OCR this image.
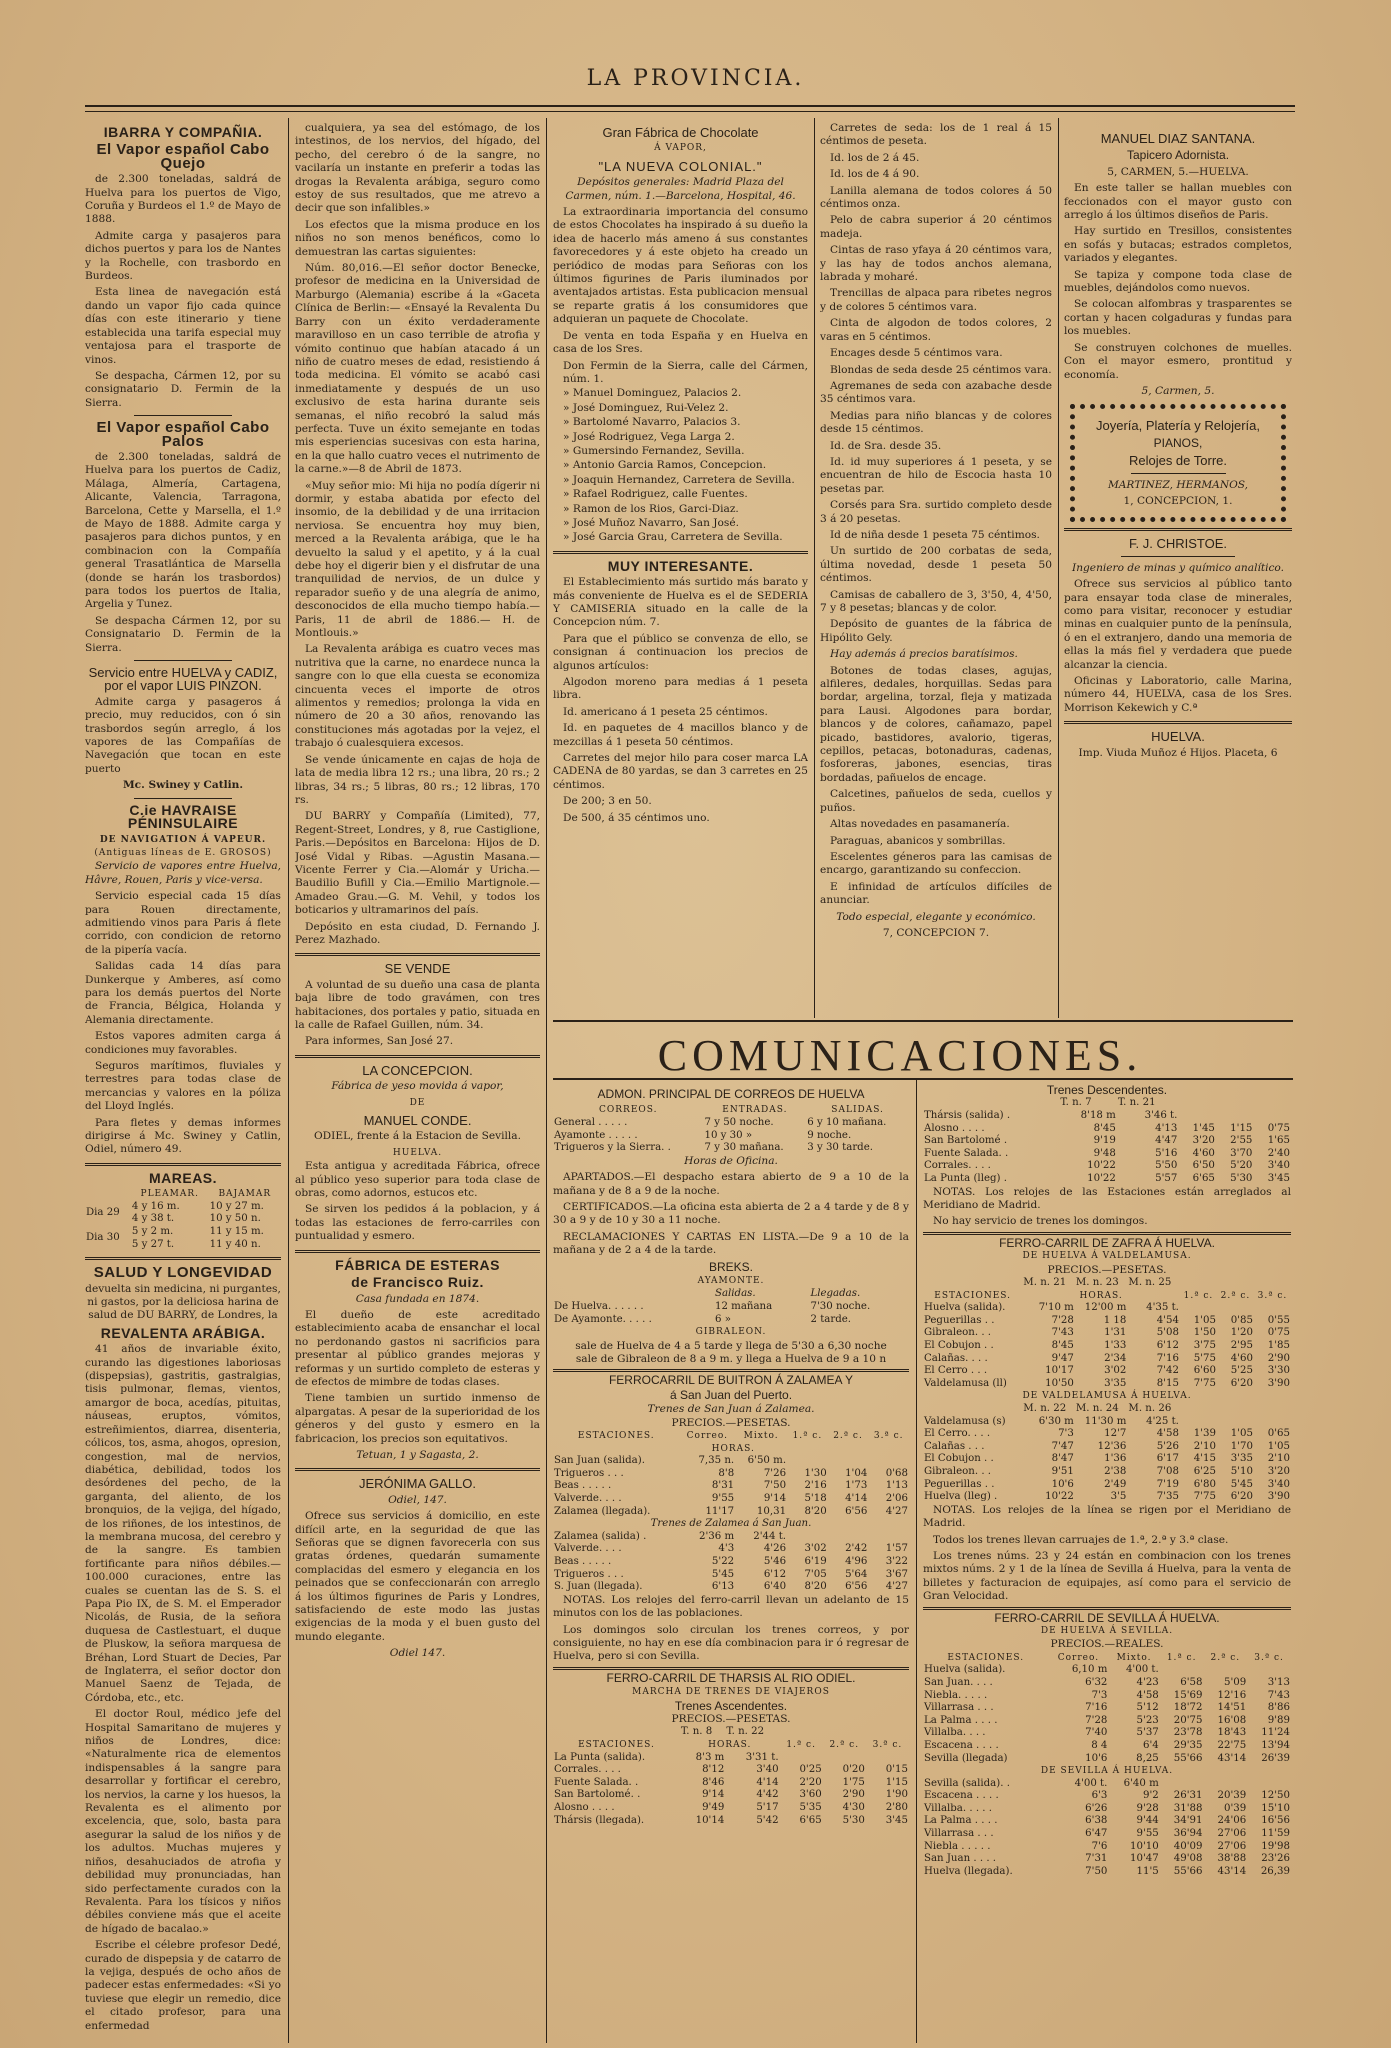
LA PROVINCIA.
IBARRA Y COMPAÑIA.
El Vapor español Cabo Quejo

de 2.300 toneladas, saldrá de Huelva para los puertos de Vigo, Coruña y Burdeos el 1.º de Mayo de 1888.

Admite carga y pasajeros para dichos puertos y para los de Nantes y la Rochelle, con trasbordo en Burdeos.

Esta linea de navegación está dando un vapor fijo cada quince días con este itinerario y tiene establecida una tarifa especial muy ventajosa para el trasporte de vinos.

Se despacha, Cármen 12, por su consignatario D. Fermin de la Sierra.

El Vapor español Cabo Palos

de 2.300 toneladas, saldrá de Huelva para los puertos de Cadiz, Málaga, Almería, Cartagena, Alicante, Valencia, Tarragona, Barcelona, Cette y Marsella, el 1.º de Mayo de 1888. Admite carga y pasajeros para dichos puntos, y en combinacion con la Compañía general Trasatlántica de Marsella (donde se harán los trasbordos) para todos los puertos de Italia, Argelia y Tunez.

Se despacha Cármen 12, por su Consignatario D. Fermin de la Sierra.

Servicio entre HUELVA y CADIZ, por el vapor LUIS PINZON.

Admite carga y pasageros á precio, muy reducidos, con ó sin trasbordos según arreglo, á los vapores de las Compañías de Navegación que tocan en este puerto

Mc. Swiney y Catlin.

C.ie HAVRAISE PÉNINSULAIRE
DE NAVIGATION Á VAPEUR.
(Antiguas líneas de E. GROSOS)

Servicio de vapores entre Huelva, Hâvre, Rouen, Paris y vice-versa.

Servicio especial cada 15 días para Rouen directamente, admitiendo vinos para Paris á flete corrido, con condicion de retorno de la pipería vacía.

Salidas cada 14 días para Dunkerque y Amberes, así como para los demás puertos del Norte de Francia, Bélgica, Holanda y Alemania directamente.

Estos vapores admiten carga á condiciones muy favorables.

Seguros marítimos, fluviales y terrestres para todas clase de mercancias y valores en la póliza del Lloyd Inglés.

Para fletes y demas informes dirigirse á Mc. Swiney y Catlin, Odiel, número 49.

MAREAS.
	PLEAMAR.	BAJAMAR
Dia 29	4 y 16 m.	10 y 27 m.
	4 y 38 t.	10 y 50 n.
Dia 30	5 y 2 m.	11 y 15 m.
	5 y 27 t.	11 y 40 n.
SALUD Y LONGEVIDAD

devuelta sin medicina, ni purgantes, ni gastos, por la deliciosa harina de salud de DU BARRY, de Londres, la

REVALENTA ARÁBIGA.

41 años de invariable éxito, curando las digestiones laboriosas (dispepsias), gastritis, gastralgias, tisis pulmonar, flemas, vientos, amargor de boca, acedías, pituitas, náuseas, eruptos, vómitos, estreñimientos, diarrea, disenteria, cólicos, tos, asma, ahogos, opresion, congestion, mal de nervios, diabética, debilidad, todos los desórdenes del pecho, de la garganta, del aliento, de los bronquios, de la vejiga, del hígado, de los riñones, de los intestinos, de la membrana mucosa, del cerebro y de la sangre. Es tambien fortificante para niños débiles.—100.000 curaciones, entre las cuales se cuentan las de S. S. el Papa Pio IX, de S. M. el Emperador Nicolás, de Rusia, de la señora duquesa de Castlestuart, el duque de Pluskow, la señora marquesa de Bréhan, Lord Stuart de Decies, Par de Inglaterra, el señor doctor don Manuel Saenz de Tejada, de Córdoba, etc., etc.

El doctor Roul, médico jefe del Hospital Samaritano de mujeres y niños de Londres, dice: «Naturalmente rica de elementos indispensables á la sangre para desarrollar y fortificar el cerebro, los nervios, la carne y los huesos, la Revalenta es el alimento por excelencia, que, solo, basta para asegurar la salud de los niños y de los adultos. Muchas mujeres y niños, desahuciados de atrofia y debilidad muy pronunciadas, han sido perfectamente curados con la Revalenta. Para los tísicos y niños débiles conviene más que el aceite de hígado de bacalao.»

Escribe el célebre profesor Dedé, curado de dispepsia y de catarro de la vejiga, después de ocho años de padecer estas enfermedades: «Si yo tuviese que elegir un remedio, dice el citado profesor, para una enfermedad

cualquiera, ya sea del estómago, de los intestinos, de los nervios, del hígado, del pecho, del cerebro ó de la sangre, no vacilaría un instante en preferir a todas las drogas la Revalenta arábiga, seguro como estoy de sus resultados, que me atrevo a decir que son infalibles.»

Los efectos que la misma produce en los niños no son menos benéficos, como lo demuestran las cartas siguientes:

Núm. 80,016.—El señor doctor Benecke, profesor de medicina en la Universidad de Marburgo (Alemania) escribe á la «Gaceta Clínica de Berlin:— «Ensayé la Revalenta Du Barry con un éxito verdaderamente maravilloso en un caso terrible de atrofia y vómito continuo que habían atacado á un niño de cuatro meses de edad, resistiendo á toda medicina. El vómito se acabó casi inmediatamente y después de un uso exclusivo de esta harina durante seis semanas, el niño recobró la salud más perfecta. Tuve un éxito semejante en todas mis esperiencias sucesivas con esta harina, en la que hallo cuatro veces el nutrimento de la carne.»—8 de Abril de 1873.

«Muy señor mio: Mi hija no podía dígerir ni dormir, y estaba abatida por efecto del insomio, de la debilidad y de una irritacion nerviosa. Se encuentra hoy muy bien, merced a la Revalenta arábiga, que le ha devuelto la salud y el apetito, y á la cual debe hoy el digerir bien y el disfrutar de una tranquilidad de nervios, de un dulce y reparador sueño y de una alegría de animo, desconocidos de ella mucho tiempo había.—Paris, 11 de abril de 1886.— H. de Montlouis.»

La Revalenta arábiga es cuatro veces mas nutritiva que la carne, no enardece nunca la sangre con lo que ella cuesta se economiza cincuenta veces el importe de otros alimentos y remedios; prolonga la vida en número de 20 a 30 años, renovando las constituciones más agotadas por la vejez, el trabajo ó cualesquiera excesos.

Se vende únicamente en cajas de hoja de lata de media libra 12 rs.; una libra, 20 rs.; 2 libras, 34 rs.; 5 libras, 80 rs.; 12 libras, 170 rs.

DU BARRY y Compañía (Limited), 77, Regent-Street, Londres, y 8, rue Castiglione, Paris.—Depósitos en Barcelona: Hijos de D. José Vidal y Ribas. —Agustin Masana.—Vicente Ferrer y Cia.—Alomár y Uricha.—Baudilio Bufill y Cia.—Emilio Martignole.—Amadeo Grau.—G. M. Vehil, y todos los boticarios y ultramarinos del país.

Depósito en esta ciudad, D. Fernando J. Perez Mazhado.

SE VENDE

A voluntad de su dueño una casa de planta baja libre de todo gravámen, con tres habitaciones, dos portales y patio, situada en la calle de Rafael Guillen, núm. 34.

Para informes, San José 27.

LA CONCEPCION.

Fábrica de yeso movida á vapor,

DE
MANUEL CONDE.

ODIEL, frente á la Estacion de Sevilla.

HUELVA.

Esta antigua y acreditada Fábrica, ofrece al público yeso superior para toda clase de obras, como adornos, estucos etc.

Se sirven los pedidos á la poblacion, y á todas las estaciones de ferro-carriles con puntualidad y esmero.

FÁBRICA DE ESTERAS
de Francisco Ruiz.

Casa fundada en 1874.

El dueño de este acreditado establecimiento acaba de ensanchar el local no perdonando gastos ni sacrificios para presentar al público grandes mejoras y reformas y un surtido completo de esteras y de efectos de mimbre de todas clases.

Tiene tambien un surtido inmenso de alpargatas. A pesar de la superioridad de los géneros y del gusto y esmero en la fabricacion, los precios son equitativos.

Tetuan, 1 y Sagasta, 2.

JERÓNIMA GALLO.

Odiel, 147.

Ofrece sus servicios á domicilio, en este difícil arte, en la seguridad de que las Señoras que se dignen favorecerla con sus gratas órdenes, quedarán sumamente complacidas del esmero y elegancia en los peinados que se confeccionarán con arreglo á los últimos figurines de Paris y Londres, satisfaciendo de este modo las justas exigencias de la moda y el buen gusto del mundo elegante.

Odiel 147.

Gran Fábrica de Chocolate
Á VAPOR,
"LA NUEVA COLONIAL."

Depósitos generales: Madrid Plaza del Carmen, núm. 1.—Barcelona, Hospital, 46.

La extraordinaria importancia del consumo de estos Chocolates ha inspirado á su dueño la idea de hacerlo más ameno á sus constantes favorecedores y á este objeto ha creado un periódico de modas para Señoras con los últimos figurines de Paris iluminados por aventajados artistas. Esta publicacion mensual se reparte gratis á los consumidores que adquieran un paquete de Chocolate.

De venta en toda España y en Huelva en casa de los Sres.

Don Fermin de la Sierra, calle del Cármen, núm. 1.

» Manuel Dominguez, Palacios 2.

» José Dominguez, Rui-Velez 2.

» Bartolomé Navarro, Palacios 3.

» José Rodriguez, Vega Larga 2.

» Gumersindo Fernandez, Sevilla.

» Antonio Garcia Ramos, Concepcion.

» Joaquin Hernandez, Carretera de Sevilla.

» Rafael Rodriguez, calle Fuentes.

» Ramon de los Rios, Garci-Diaz.

» José Muñoz Navarro, San José.

» José Garcia Grau, Carretera de Sevilla.

MUY INTERESANTE.

El Establecimiento más surtido más barato y más conveniente de Huelva es el de SEDERIA Y CAMISERIA situado en la calle de la Concepcion núm. 7.

Para que el público se convenza de ello, se consignan á continuacion los precios de algunos artículos:

Algodon moreno para medias á 1 peseta libra.

Id. americano á 1 peseta 25 céntimos.

Id. en paquetes de 4 macillos blanco y de mezcillas á 1 peseta 50 céntimos.

Carretes del mejor hilo para coser marca LA CADENA de 80 yardas, se dan 3 carretes en 25 céntimos.

De 200; 3 en 50.

De 500, á 35 céntimos uno.

Carretes de seda: los de 1 real á 15 céntimos de peseta.

Id. los de 2 á 45.

Id. los de 4 á 90.

Lanilla alemana de todos colores á 50 céntimos onza.

Pelo de cabra superior á 20 céntimos madeja.

Cintas de raso yfaya á 20 céntimos vara, y las hay de todos anchos alemana, labrada y moharé.

Trencillas de alpaca para ribetes negros y de colores 5 céntimos vara.

Cinta de algodon de todos colores, 2 varas en 5 céntimos.

Encages desde 5 céntimos vara.

Blondas de seda desde 25 céntimos vara.

Agremanes de seda con azabache desde 35 céntimos vara.

Medias para niño blancas y de colores desde 15 céntimos.

Id. de Sra. desde 35.

Id. id muy superiores á 1 peseta, y se encuentran de hilo de Escocia hasta 10 pesetas par.

Corsés para Sra. surtido completo desde 3 á 20 pesetas.

Id de niña desde 1 peseta 75 céntimos.

Un surtido de 200 corbatas de seda, última novedad, desde 1 peseta 50 céntimos.

Camisas de caballero de 3, 3'50, 4, 4'50, 7 y 8 pesetas; blancas y de color.

Depósito de guantes de la fábrica de Hipólito Gely.

Hay además á precios baratísimos.

Botones de todas clases, agujas, alfileres, dedales, horquillas. Sedas para bordar, argelina, torzal, fleja y matizada para Lausi. Algodones para bordar, blancos y de colores, cañamazo, papel picado, bastidores, avalorio, tigeras, cepillos, petacas, botonaduras, cadenas, fosforeras, jabones, esencias, tiras bordadas, pañuelos de encage.

Calcetines, pañuelos de seda, cuellos y puños.

Altas novedades en pasamanería.

Paraguas, abanicos y sombrillas.

Escelentes géneros para las camisas de encargo, garantizando su confeccion.

E infinidad de artículos difíciles de anunciar.

Todo especial, elegante y económico.

7, CONCEPCION 7.

MANUEL DIAZ SANTANA.
Tapicero Adornista.

5, CARMEN, 5.—HUELVA.

En este taller se hallan muebles con feccionados con el mayor gusto con arreglo á los últimos diseños de Paris.

Hay surtido en Tresillos, consistentes en sofás y butacas; estrados completos, variados y elegantes.

Se tapiza y compone toda clase de muebles, dejándolos como nuevos.

Se colocan alfombras y trasparentes se cortan y hacen colgaduras y fundas para los muebles.

Se construyen colchones de muelles. Con el mayor esmero, prontitud y economía.

5, Carmen, 5.

Joyería, Platería y Relojería,
PIANOS,
Relojes de Torre.

MARTINEZ, HERMANOS,

1, CONCEPCION, 1.

F. J. CHRISTOE.

Ingeniero de minas y químico analítico.

Ofrece sus servicios al público tanto para ensayar toda clase de minerales, como para visitar, reconocer y estudiar minas en cualquier punto de la península, ó en el extranjero, dando una memoria de ellas la más fiel y verdadera que puede alcanzar la ciencia.

Oficinas y Laboratorio, calle Marina, número 44, HUELVA, casa de los Sres. Morrison Kekewich y C.ª

HUELVA.

Imp. Viuda Muñoz é Hijos. Placeta, 6

COMUNICACIONES.
ADMON. PRINCIPAL DE CORREOS DE HUELVA
CORREOS.	ENTRADAS.	SALIDAS.
General . . . . .	7 y 50 noche.	6 y 10 mañana.
Ayamonte . . . . .	10 y 30 »	9 noche.
Trigueros y la Sierra. .	7 y 30 mañana.	3 y 30 tarde.

Horas de Oficina.

APARTADOS.—El despacho estara abierto de 9 a 10 de la mañana y de 8 a 9 de la noche.

CERTIFICADOS.—La oficina esta abierta de 2 a 4 tarde y de 8 y 30 a 9 y de 10 y 30 a 11 noche.

RECLAMACIONES Y CARTAS EN LISTA.—De 9 a 10 de la mañana y de 2 a 4 de la tarde.

BREKS.
AYAMONTE.
	Salidas.	Llegadas.
De Huelva. . . . . .	12 mañana	7'30 noche.
De Ayamonte. . . . .	6 »	2 tarde.
GIBRALEON.

sale de Huelva de 4 a 5 tarde y llega de 5'30 a 6,30 noche

sale de Gibraleon de 8 a 9 m. y llega a Huelva de 9 a 10 n

FERROCARRIL DE BUITRON Á ZALAMEA Y
á San Juan del Puerto.

Trenes de San Juan á Zalamea.

PRECIOS.—PESETAS.

ESTACIONES.	Correo.	Mixto.	1.ª c.	2.ª c.	3.ª c.
	HORAS.				
San Juan (salida).	7,35 n.	6'50 m.			
Trigueros . . .	8'8	7'26	1'30	1'04	0'68
Beas . . . . .	8'31	7'50	2'16	1'73	1'13
Valverde. . . .	9'55	9'14	5'18	4'14	2'06
Zalamea (llegada).	11'17	10,31	8'20	6'56	4'27
Trenes de Zalamea á San Juan.					
Zalamea (salida) .	2'36 m	2'44 t.			
Valverde. . . .	4'3	4'26	3'02	2'42	1'57
Beas . . . . .	5'22	5'46	6'19	4'96	3'22
Trigueros . . .	5'45	6'12	7'05	5'64	3'67
S. Juan (llegada).	6'13	6'40	8'20	6'56	4'27

NOTAS. Los relojes del ferro-carril llevan un adelanto de 15 minutos con los de las poblaciones.

Los domingos solo circulan los trenes correos, y por consiguiente, no hay en ese día combinacion para ir ó regresar de Huelva, pero si con Sevilla.

FERRO-CARRIL DE THARSIS AL RIO ODIEL.
MARCHA DE TRENES DE VIAJEROS
Trenes Ascendentes.

PRECIOS.—PESETAS.

	T. n. 8	T. n. 22			
ESTACIONES.	HORAS.		1.ª c.	2.ª c.	3.ª c.
La Punta (salida).	8'3 m	3'31 t.			
Corrales. . . .	8'12	3'40	0'25	0'20	0'15
Fuente Salada. .	8'46	4'14	2'20	1'75	1'15
San Bartolomé. .	9'14	4'42	3'60	2'90	1'90
Alosno . . . .	9'49	5'17	5'35	4'30	2'80
Thársis (llegada).	10'14	5'42	6'65	5'30	3'45
Trenes Descendentes.
	T. n. 7	T. n. 21			
Thársis (salida) .	8'18 m	3'46 t.			
Alosno . . . .	8'45	4'13	1'45	1'15	0'75
San Bartolomé .	9'19	4'47	3'20	2'55	1'65
Fuente Salada. .	9'48	5'16	4'60	3'70	2'40
Corrales. . . .	10'22	5'50	6'50	5'20	3'40
La Punta (lleg) .	10'22	5'57	6'65	5'30	3'45

NOTAS. Los relojes de las Estaciones están arreglados al Meridiano de Madrid.

No hay servicio de trenes los domingos.

FERRO-CARRIL DE ZAFRA Á HUELVA.
DE HUELVA Á VALDELAMUSA.

PRECIOS.—PESETAS.

	M. n. 21	M. n. 23	M. n. 25			
ESTACIONES.	HORAS.			1.ª c.	2.ª c.	3.ª c.
Huelva (salida).	7'10 m	12'00 m	4'35 t.			
Peguerillas . .	7'28	1 18	4'54	1'05	0'85	0'55
Gibraleon. . .	7'43	1'31	5'08	1'50	1'20	0'75
El Cobujon . .	8'45	1'33	6'12	3'75	2'95	1'85
Calañas. . . .	9'47	2'34	7'16	5'75	4'60	2'90
El Cerro . . .	10'17	3'02	7'42	6'60	5'25	3'30
Valdelamusa (ll)	10'50	3'35	8'15	7'75	6'20	3'90
DE VALDELAMUSA Á HUELVA.						
	M. n. 22	M. n. 24	M. n. 26			
Valdelamusa (s)	6'30 m	11'30 m	4'25 t.			
El Cerro. . . .	7'3	12'7	4'58	1'39	1'05	0'65
Calañas . . .	7'47	12'36	5'26	2'10	1'70	1'05
El Cobujon . .	8'47	1'36	6'17	4'15	3'35	2'10
Gibraleon. . .	9'51	2'38	7'08	6'25	5'10	3'20
Peguerillas . .	10'6	2'49	7'19	6'80	5'45	3'40
Huelva (lleg) .	10'22	3'5	7'35	7'75	6'20	3'90

NOTAS. Los relojes de la línea se rigen por el Meridiano de Madrid.

Todos los trenes llevan carruajes de 1.ª, 2.ª y 3.ª clase.

Los trenes núms. 23 y 24 están en combinacion con los trenes mixtos núms. 2 y 1 de la línea de Sevilla á Huelva, para la venta de billetes y facturacion de equipajes, así como para el servicio de Gran Velocidad.

FERRO-CARRIL DE SEVILLA Á HUELVA.
DE HUELVA Á SEVILLA.

PRECIOS.—REALES.

ESTACIONES.	Correo.	Mixto.	1.ª c.	2.ª c.	3.ª c.
Huelva (salida).	6,10 m	4'00 t.			
San Juan. . . .	6'32	4'23	6'58	5'09	3'13
Niebla. . . . .	7'3	4'58	15'69	12'16	7'43
Villarrasa . . .	7'16	5'12	18'72	14'51	8'86
La Palma . . . .	7'28	5'23	20'75	16'08	9'89
Villalba. . . .	7'40	5'37	23'78	18'43	11'24
Escacena . . . .	8 4	6'4	29'35	22'75	13'94
Sevilla (llegada)	10'6	8,25	55'66	43'14	26'39
DE SEVILLA Á HUELVA.					
Sevilla (salida). .	4'00 t.	6'40 m			
Escacena . . . .	6'3	9'2	26'31	20'39	12'50
Villalba. . . . .	6'26	9'28	31'88	0'39	15'10
La Palma . . . .	6'38	9'44	34'91	24'06	16'56
Villarrasa . . .	6'47	9'55	36'94	27'06	11'59
Niebla . . . . .	7'6	10'10	40'09	27'06	19'98
San Juan . . . .	7'31	10'47	49'08	38'88	23'26
Huelva (llegada).	7'50	11'5	55'66	43'14	26,39
